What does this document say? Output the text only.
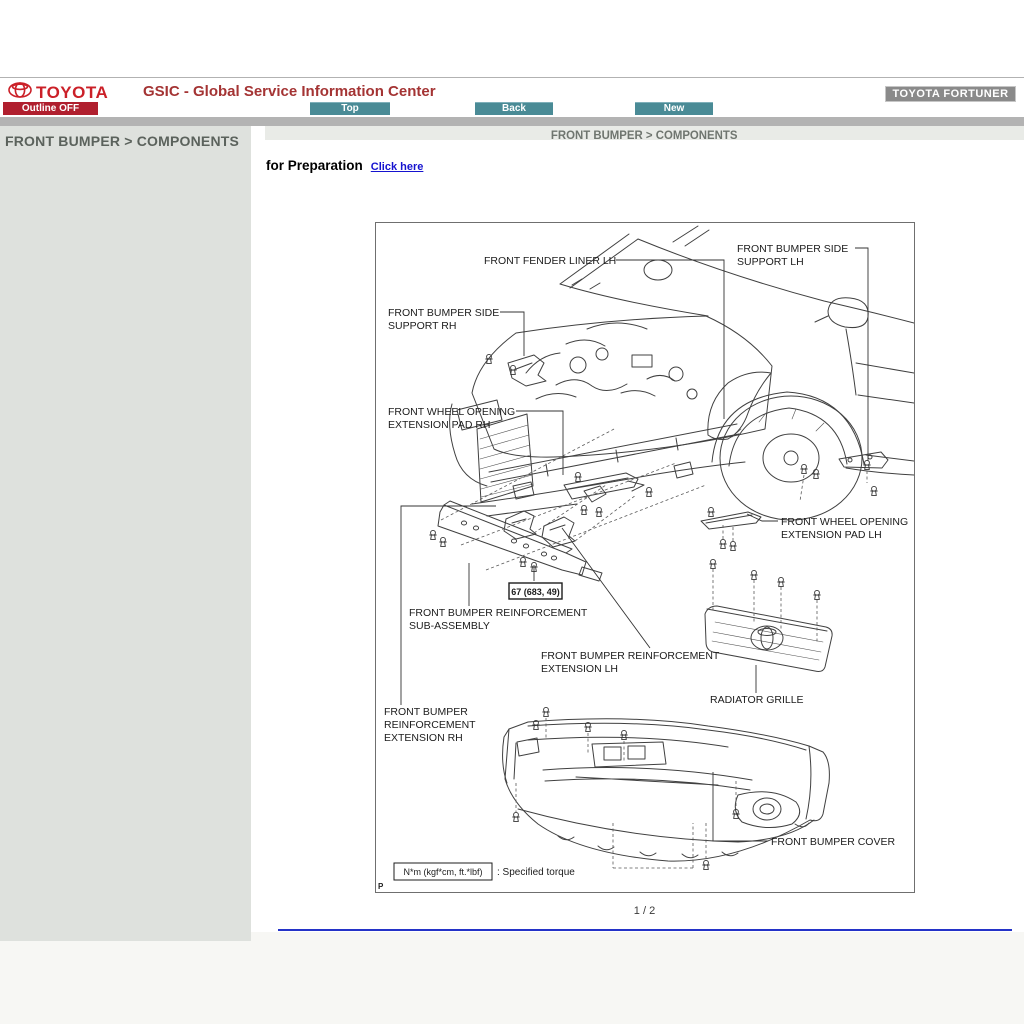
TOYOTA GSIC - Global Service Information Center
Outline OFF	Top	Back	New
TOYOTA FORTUNER
FRONT BUMPER > COMPONENTS	FRONT BUMPER > COMPONENTS
for Preparation Click here
FRONT FENDER LINER LH
FRONT BUMPER SIDE
SUPPORT LH
FRONT BUMPER SIDE
SUPPORT RH
FRONT WHEEL OPENING
EXTENSION PAD RH
FRONT WHEEL OPENING
EXTENSION PAD LH
FRONT BUMPER REINFORCEMENT
SUB-ASSEMBLY
FRONT BUMPER REINFORCEMENT
EXTENSION LH
FRONT BUMPER
REINFORCEMENT
EXTENSION RH
RADIATOR GRILLE
FRONT BUMPER COVER
67 (683, 49)
N*m (kgf*cm, ft.*lbf) : Specified torque
P
1 / 2
